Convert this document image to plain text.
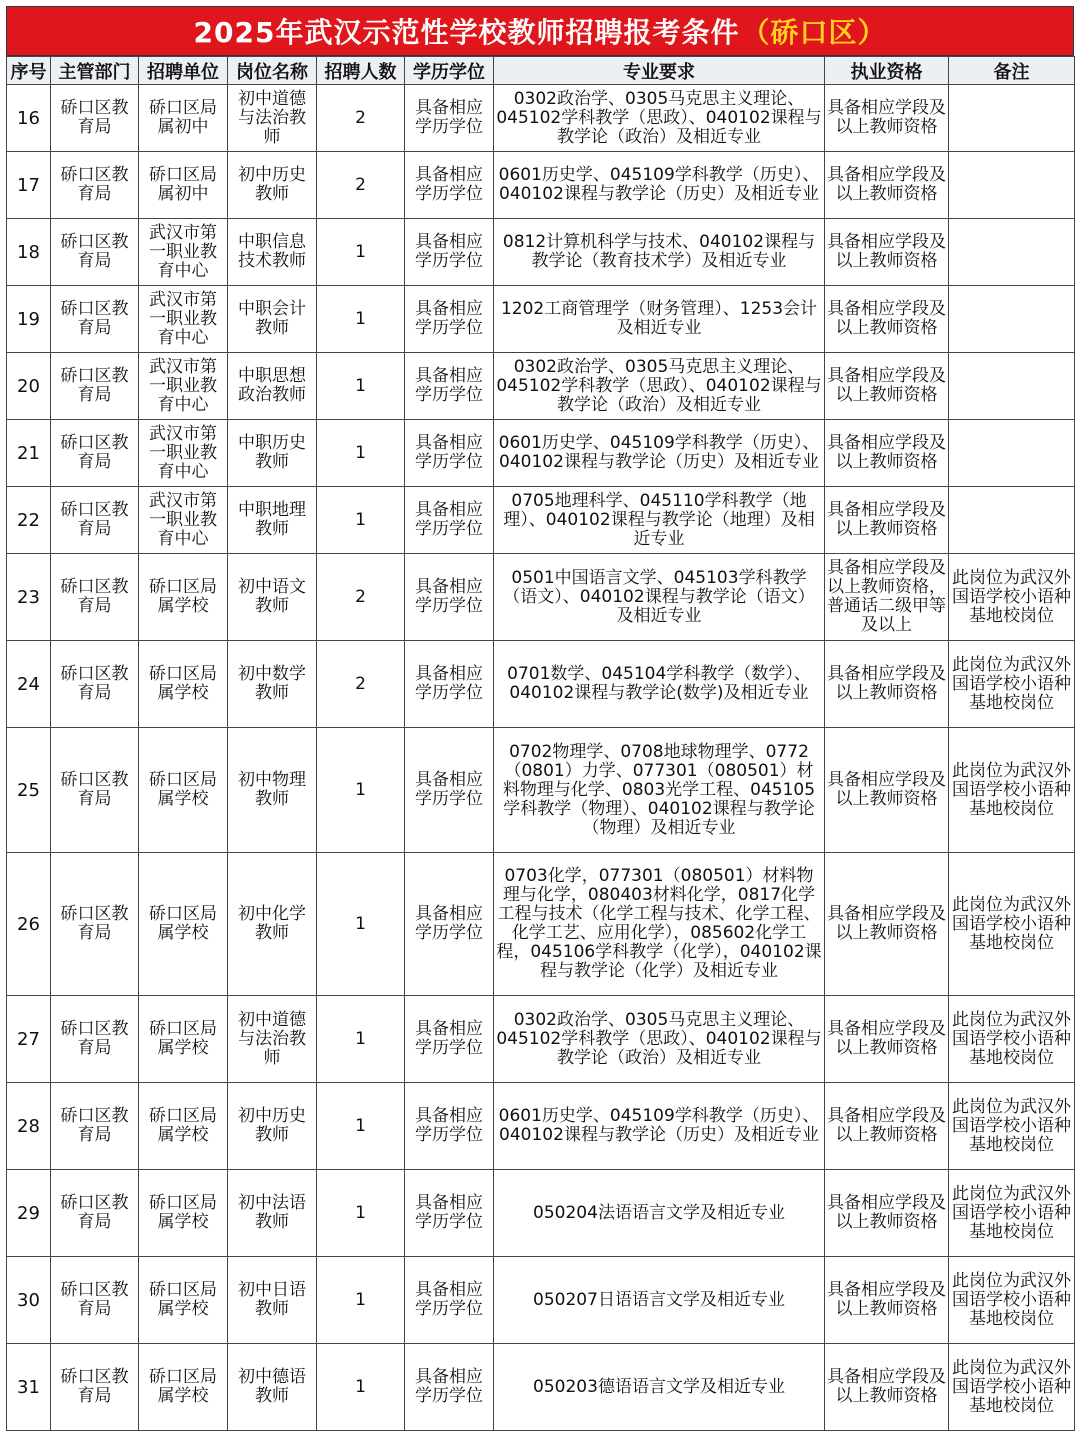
2025年武汉示范性学校教师招聘报考条件 （硚口区）
序号	主管部门	招聘单位	岗位名称	招聘人数	学历学位	专业要求	执业资格	备注
16	硚口区教育局	硚口区局属初中	初中道德与法治教师	2	具备相应学历学位	0302政治学、0305马克思主义理论、045102学科教学（思政）、040102课程与教学论（政治）及相近专业	具备相应学段及以上教师资格	
17	硚口区教育局	硚口区局属初中	初中历史教师	2	具备相应学历学位	0601历史学、045109学科教学（历史）、040102课程与教学论（历史）及相近专业	具备相应学段及以上教师资格	
18	硚口区教育局	武汉市第一职业教育中心	中职信息技术教师	1	具备相应学历学位	0812计算机科学与技术、040102课程与教学论（教育技术学）及相近专业	具备相应学段及以上教师资格	
19	硚口区教育局	武汉市第一职业教育中心	中职会计教师	1	具备相应学历学位	1202工商管理学（财务管理）、1253会计及相近专业	具备相应学段及以上教师资格	
20	硚口区教育局	武汉市第一职业教育中心	中职思想政治教师	1	具备相应学历学位	0302政治学、0305马克思主义理论、045102学科教学（思政）、040102课程与教学论（政治）及相近专业	具备相应学段及以上教师资格	
21	硚口区教育局	武汉市第一职业教育中心	中职历史教师	1	具备相应学历学位	0601历史学、045109学科教学（历史）、040102课程与教学论（历史）及相近专业	具备相应学段及以上教师资格	
22	硚口区教育局	武汉市第一职业教育中心	中职地理教师	1	具备相应学历学位	0705地理科学、045110学科教学（地理）、040102课程与教学论（地理）及相近专业	具备相应学段及以上教师资格	
23	硚口区教育局	硚口区局属学校	初中语文教师	2	具备相应学历学位	0501中国语言文学、045103学科教学（语文）、040102课程与教学论（语文）及相近专业	具备相应学段及以上教师资格，普通话二级甲等及以上	此岗位为武汉外国语学校小语种基地校岗位
24	硚口区教育局	硚口区局属学校	初中数学教师	2	具备相应学历学位	0701数学、045104学科教学（数学）、040102课程与教学论(数学)及相近专业	具备相应学段及以上教师资格	此岗位为武汉外国语学校小语种基地校岗位
25	硚口区教育局	硚口区局属学校	初中物理教师	1	具备相应学历学位	0702物理学、0708地球物理学、0772（0801）力学、077301（080501）材料物理与化学、0803光学工程、045105学科教学（物理）、040102课程与教学论（物理）及相近专业	具备相应学段及以上教师资格	此岗位为武汉外国语学校小语种基地校岗位
26	硚口区教育局	硚口区局属学校	初中化学教师	1	具备相应学历学位	0703化学，077301（080501）材料物理与化学，080403材料化学，0817化学工程与技术（化学工程与技术、化学工程、化学工艺、应用化学），085602化学工程，045106学科教学（化学），040102课程与教学论（化学）及相近专业	具备相应学段及以上教师资格	此岗位为武汉外国语学校小语种基地校岗位
27	硚口区教育局	硚口区局属学校	初中道德与法治教师	1	具备相应学历学位	0302政治学、0305马克思主义理论、045102学科教学（思政）、040102课程与教学论（政治）及相近专业	具备相应学段及以上教师资格	此岗位为武汉外国语学校小语种基地校岗位
28	硚口区教育局	硚口区局属学校	初中历史教师	1	具备相应学历学位	0601历史学、045109学科教学（历史）、040102课程与教学论（历史）及相近专业	具备相应学段及以上教师资格	此岗位为武汉外国语学校小语种基地校岗位
29	硚口区教育局	硚口区局属学校	初中法语教师	1	具备相应学历学位	050204法语语言文学及相近专业	具备相应学段及以上教师资格	此岗位为武汉外国语学校小语种基地校岗位
30	硚口区教育局	硚口区局属学校	初中日语教师	1	具备相应学历学位	050207日语语言文学及相近专业	具备相应学段及以上教师资格	此岗位为武汉外国语学校小语种基地校岗位
31	硚口区教育局	硚口区局属学校	初中德语教师	1	具备相应学历学位	050203德语语言文学及相近专业	具备相应学段及以上教师资格	此岗位为武汉外国语学校小语种基地校岗位
